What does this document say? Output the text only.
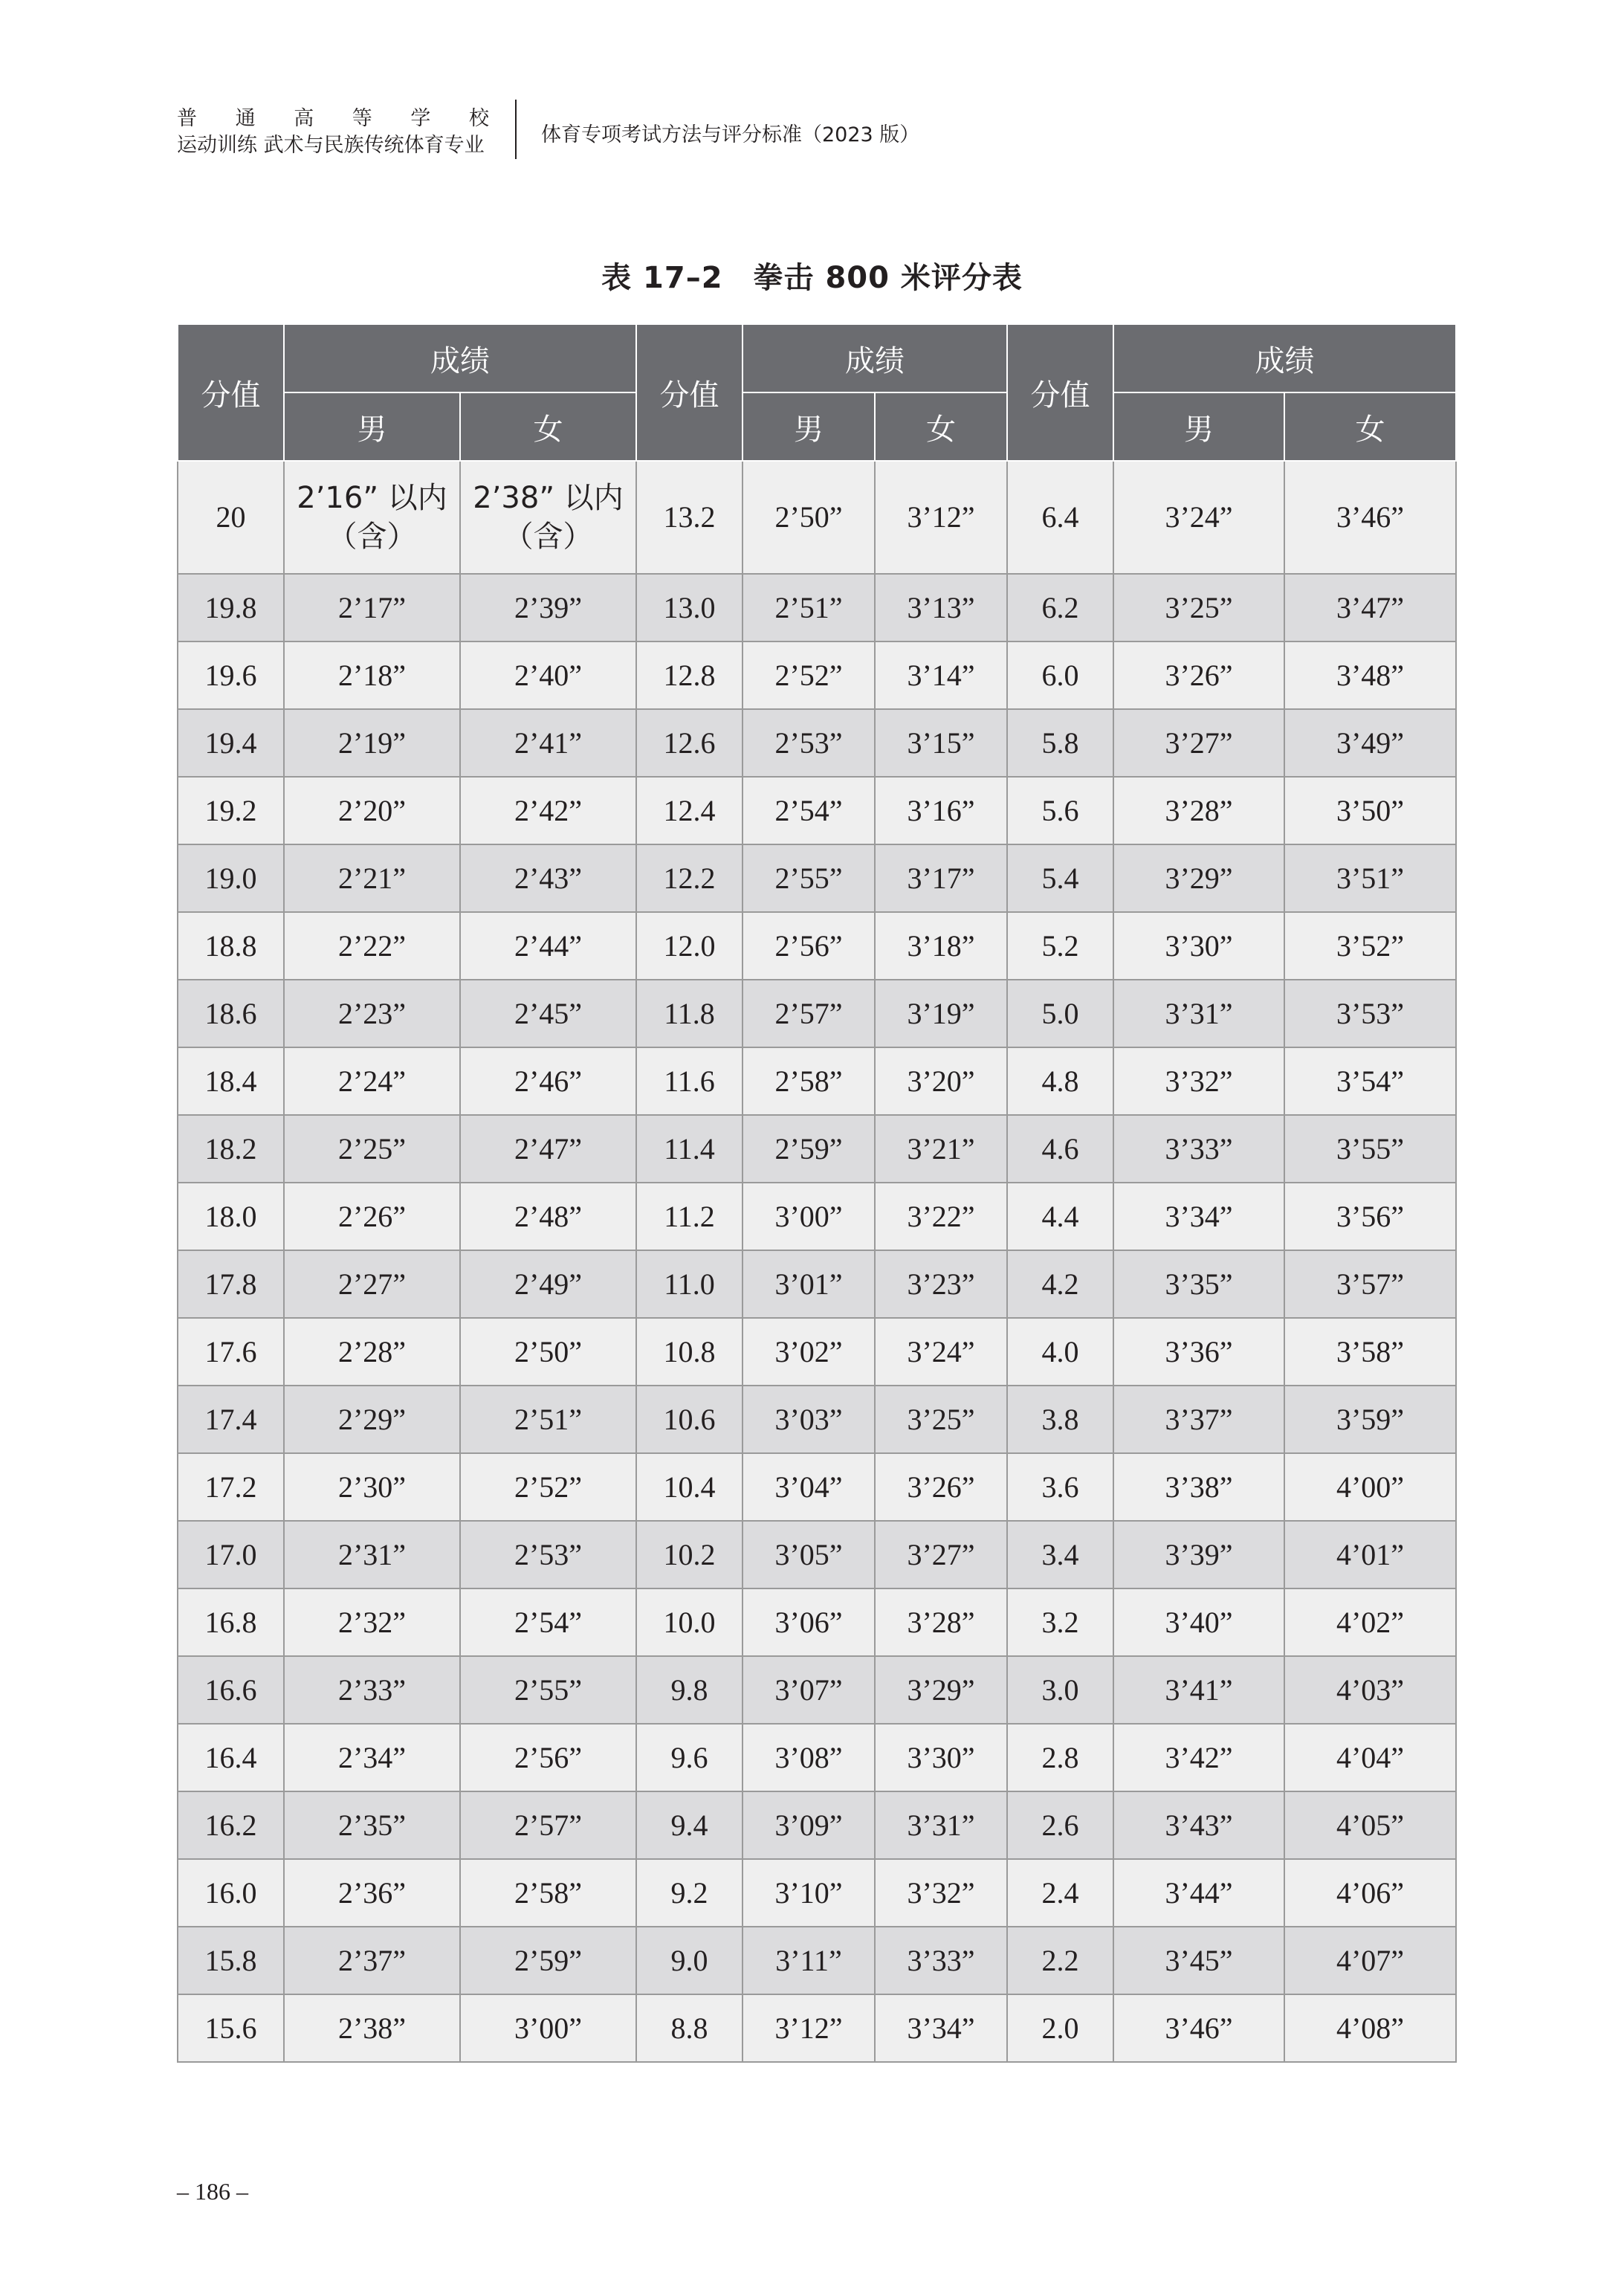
普 通 高 等 学 校
运动训练 武术与民族传统体育专业	体育专项考试方法与评分标准（2023 版）
表 17–2　拳击 800 米评分表
分值	成绩		分值	成绩		分值	成绩	
	男	女		男	女		男	女
20	2’16” 以内（含）	2’38” 以内（含）	13.2	2’50”	3’12”	6.4	3’24”	3’46”
19.8	2’17”	2’39”	13.0	2’51”	3’13”	6.2	3’25”	3’47”
19.6	2’18”	2’40”	12.8	2’52”	3’14”	6.0	3’26”	3’48”
19.4	2’19”	2’41”	12.6	2’53”	3’15”	5.8	3’27”	3’49”
19.2	2’20”	2’42”	12.4	2’54”	3’16”	5.6	3’28”	3’50”
19.0	2’21”	2’43”	12.2	2’55”	3’17”	5.4	3’29”	3’51”
18.8	2’22”	2’44”	12.0	2’56”	3’18”	5.2	3’30”	3’52”
18.6	2’23”	2’45”	11.8	2’57”	3’19”	5.0	3’31”	3’53”
18.4	2’24”	2’46”	11.6	2’58”	3’20”	4.8	3’32”	3’54”
18.2	2’25”	2’47”	11.4	2’59”	3’21”	4.6	3’33”	3’55”
18.0	2’26”	2’48”	11.2	3’00”	3’22”	4.4	3’34”	3’56”
17.8	2’27”	2’49”	11.0	3’01”	3’23”	4.2	3’35”	3’57”
17.6	2’28”	2’50”	10.8	3’02”	3’24”	4.0	3’36”	3’58”
17.4	2’29”	2’51”	10.6	3’03”	3’25”	3.8	3’37”	3’59”
17.2	2’30”	2’52”	10.4	3’04”	3’26”	3.6	3’38”	4’00”
17.0	2’31”	2’53”	10.2	3’05”	3’27”	3.4	3’39”	4’01”
16.8	2’32”	2’54”	10.0	3’06”	3’28”	3.2	3’40”	4’02”
16.6	2’33”	2’55”	9.8	3’07”	3’29”	3.0	3’41”	4’03”
16.4	2’34”	2’56”	9.6	3’08”	3’30”	2.8	3’42”	4’04”
16.2	2’35”	2’57”	9.4	3’09”	3’31”	2.6	3’43”	4’05”
16.0	2’36”	2’58”	9.2	3’10”	3’32”	2.4	3’44”	4’06”
15.8	2’37”	2’59”	9.0	3’11”	3’33”	2.2	3’45”	4’07”
15.6	2’38”	3’00”	8.8	3’12”	3’34”	2.0	3’46”	4’08”
– 186 –
